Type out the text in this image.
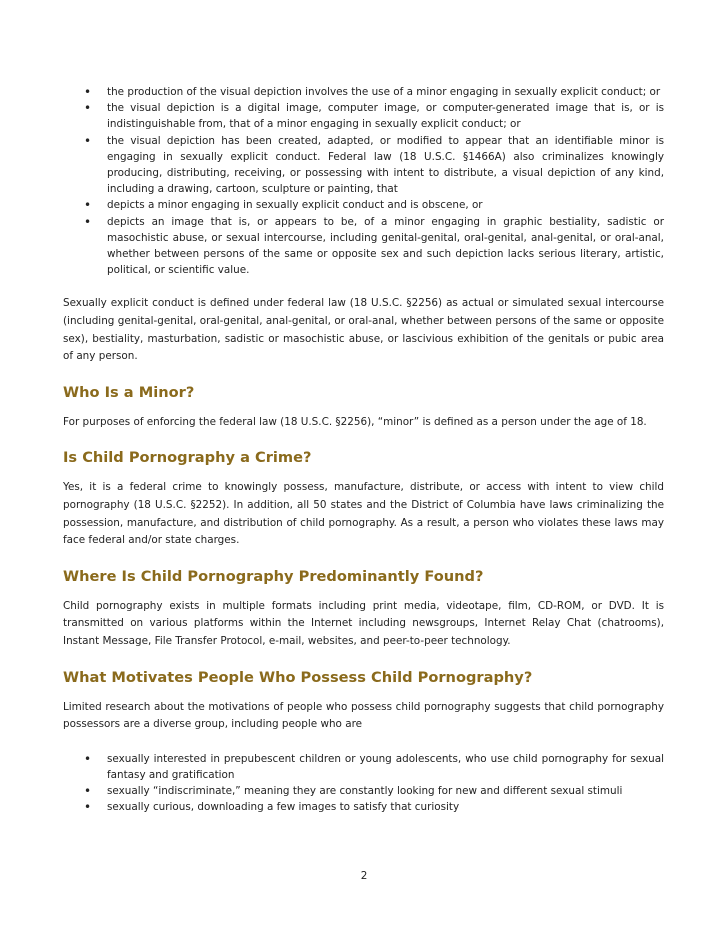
• the production of the visual depiction involves the use of a minor engaging in sexually explicit conduct; or
• the visual depiction is a digital image, computer image, or computer-generated image that is, or is indistinguishable from, that of a minor engaging in sexually explicit conduct; or
• the visual depiction has been created, adapted, or modified to appear that an identifiable minor is engaging in sexually explicit conduct. Federal law (18 U.S.C. §1466A) also criminalizes knowingly producing, distributing, receiving, or possessing with intent to distribute, a visual depiction of any kind, including a drawing, cartoon, sculpture or painting, that
• depicts a minor engaging in sexually explicit conduct and is obscene, or
• depicts an image that is, or appears to be, of a minor engaging in graphic bestiality, sadistic or masochistic abuse, or sexual intercourse, including genital-genital, oral-genital, anal-genital, or oral-anal, whether between persons of the same or opposite sex and such depiction lacks serious literary, artistic, political, or scientific value.

Sexually explicit conduct is defined under federal law (18 U.S.C. §2256) as actual or simulated sexual intercourse (including genital-genital, oral-genital, anal-genital, or oral-anal, whether between persons of the same or opposite sex), bestiality, masturbation, sadistic or masochistic abuse, or lascivious exhibition of the genitals or pubic area of any person.

Who Is a Minor?

For purposes of enforcing the federal law (18 U.S.C. §2256), “minor” is defined as a person under the age of 18.

Is Child Pornography a Crime?

Yes, it is a federal crime to knowingly possess, manufacture, distribute, or access with intent to view child pornography (18 U.S.C. §2252). In addition, all 50 states and the District of Columbia have laws criminalizing the possession, manufacture, and distribution of child pornography. As a result, a person who violates these laws may face federal and/or state charges.

Where Is Child Pornography Predominantly Found?

Child pornography exists in multiple formats including print media, videotape, film, CD-ROM, or DVD. It is transmitted on various platforms within the Internet including newsgroups, Internet Relay Chat (chatrooms), Instant Message, File Transfer Protocol, e-mail, websites, and peer-to-peer technology.

What Motivates People Who Possess Child Pornography?

Limited research about the motivations of people who possess child pornography suggests that child pornography possessors are a diverse group, including people who are

• sexually interested in prepubescent children or young adolescents, who use child pornography for sexual fantasy and gratification
• sexually “indiscriminate,” meaning they are constantly looking for new and different sexual stimuli
• sexually curious, downloading a few images to satisfy that curiosity
2
